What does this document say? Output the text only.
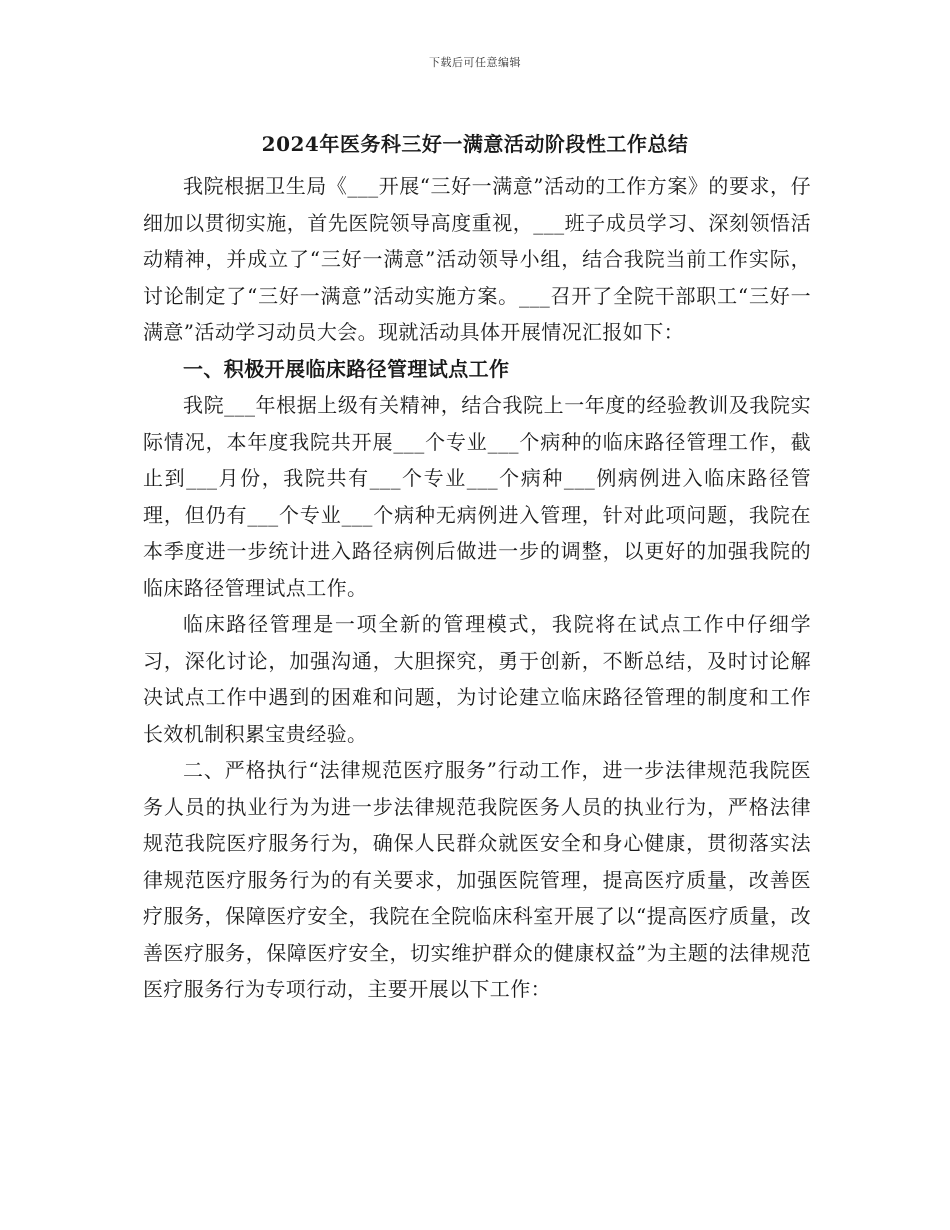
下载后可任意编辑
2024年医务科三好一满意活动阶段性工作总结

我院根据卫生局《___开展“三好一满意”活动的工作方案》的要求，仔细加以贯彻实施，首先医院领导高度重视，___班子成员学习、深刻领悟活动精神，并成立了“三好一满意”活动领导小组，结合我院当前工作实际，讨论制定了“三好一满意”活动实施方案。___召开了全院干部职工“三好一满意”活动学习动员大会。现就活动具体开展情况汇报如下：

一、积极开展临床路径管理试点工作

我院___年根据上级有关精神，结合我院上一年度的经验教训及我院实际情况，本年度我院共开展___个专业___个病种的临床路径管理工作，截止到___月份，我院共有___个专业___个病种___例病例进入临床路径管理，但仍有___个专业___个病种无病例进入管理，针对此项问题，我院在本季度进一步统计进入路径病例后做进一步的调整，以更好的加强我院的临床路径管理试点工作。

临床路径管理是一项全新的管理模式，我院将在试点工作中仔细学习，深化讨论，加强沟通，大胆探究，勇于创新，不断总结，及时讨论解决试点工作中遇到的困难和问题，为讨论建立临床路径管理的制度和工作长效机制积累宝贵经验。

二、严格执行“法律规范医疗服务”行动工作，进一步法律规范我院医务人员的执业行为为进一步法律规范我院医务人员的执业行为，严格法律规范我院医疗服务行为，确保人民群众就医安全和身心健康，贯彻落实法律规范医疗服务行为的有关要求，加强医院管理，提高医疗质量，改善医疗服务，保障医疗安全，我院在全院临床科室开展了以“提高医疗质量，改善医疗服务，保障医疗安全，切实维护群众的健康权益”为主题的法律规范医疗服务行为专项行动，主要开展以下工作：
